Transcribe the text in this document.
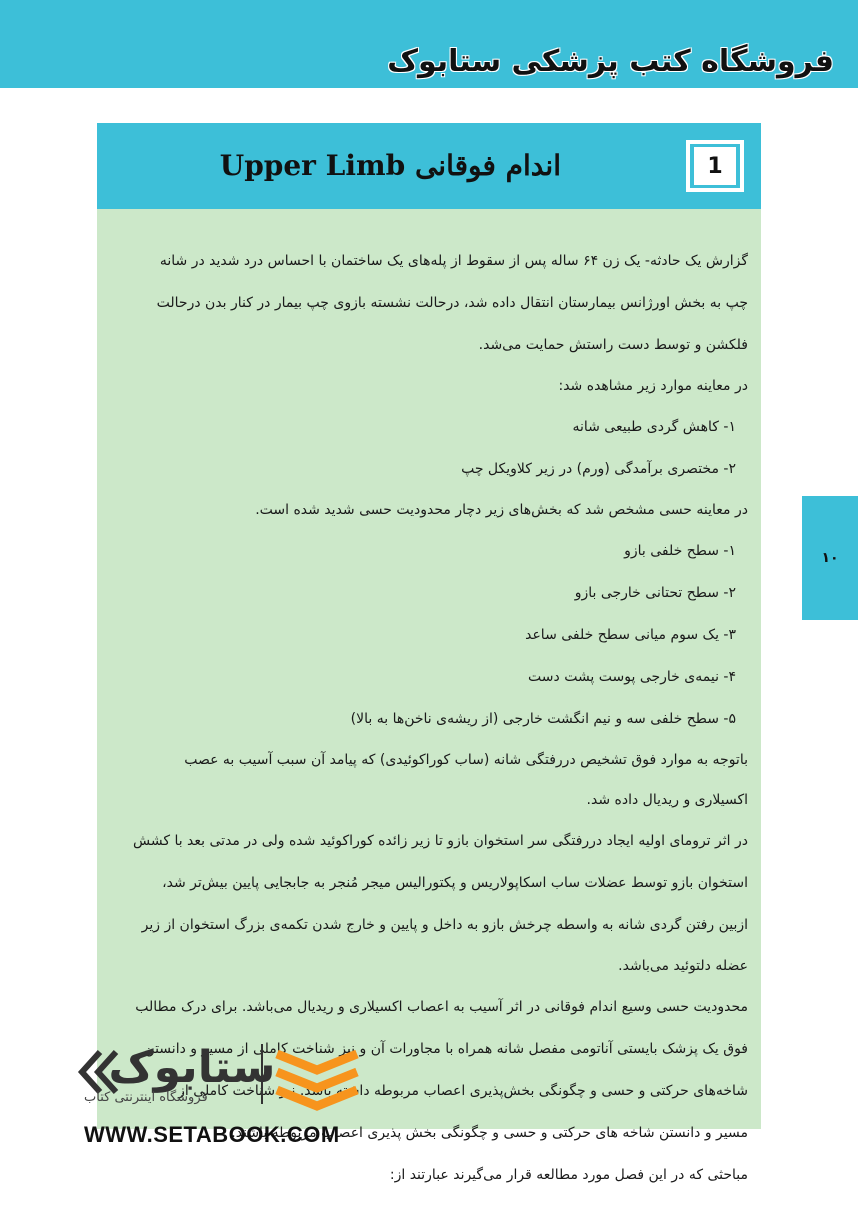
فروشگاه کتب پزشکی ستابوک
1
اندام فوقانی Upper Limb
گزارش یک حادثه- یک زن ۶۴ ساله پس از سقوط از پله‌های یک ساختمان با احساس درد شدید در شانه
چپ به بخش اورژانس بیمارستان انتقال داده شد، درحالت نشسته بازوی چپ بیمار در کنار بدن درحالت
فلکشن و توسط دست راستش حمایت می‌شد.
در معاینه موارد زیر مشاهده شد:
۱- کاهش گردی طبیعی شانه
۲- مختصری برآمدگی (ورم) در زیر کلاویکل چپ
در معاینه حسی مشخص شد که بخش‌های زیر دچار محدودیت حسی شدید شده است.
۱- سطح خلفی بازو
۲- سطح تحتانی خارجی بازو
۳- یک سوم میانی سطح خلفی ساعد
۴- نیمه‌ی خارجی پوست پشت دست
۵- سطح خلفی سه و نیم انگشت خارجی (از ریشه‌ی ناخن‌ها به بالا)
باتوجه به موارد فوق تشخیص دررفتگی شانه (ساب کوراکوئیدی) که پیامد آن سبب آسیب به عصب
اکسیلاری و ریدیال داده شد.
در اثر ترومای اولیه ایجاد دررفتگی سر استخوان بازو تا زیر زائده کوراکوئید شده ولی در مدتی بعد با کشش
استخوان بازو توسط عضلات ساب اسکاپولاریس و پکتورالیس میجر مُنجر به جابجایی پایین بیش‌تر شد،
ازبین رفتن گردی شانه به واسطه چرخش بازو به داخل و پایین و خارج شدن تکمه‌ی بزرگ استخوان از زیر
عضله دلتوئید می‌باشد.
محدودیت حسی وسیع اندام فوقانی در اثر آسیب به اعصاب اکسیلاری و ریدیال می‌باشد. برای درک مطالب
فوق یک پزشک بایستی آناتومی مفصل شانه همراه با مجاورات آن و نیز شناخت کاملی از مسیر و دانستن
شاخه‌های حرکتی و حسی و چگونگی بخش‌پذیری اعصاب مربوطه داشته باشد. نیز شناخت کاملی از
مسیر و دانستن شاخه های حرکتی و حسی و چگونگی بخش پذیری اعصاب مربوطه باشند.
مباحثی که در این فصل مورد مطالعه قرار می‌گیرند عبارتند از:
۱۰
ستابوک
فروشگاه اینترنتی کتاب
WWW.SETABOOK.COM
